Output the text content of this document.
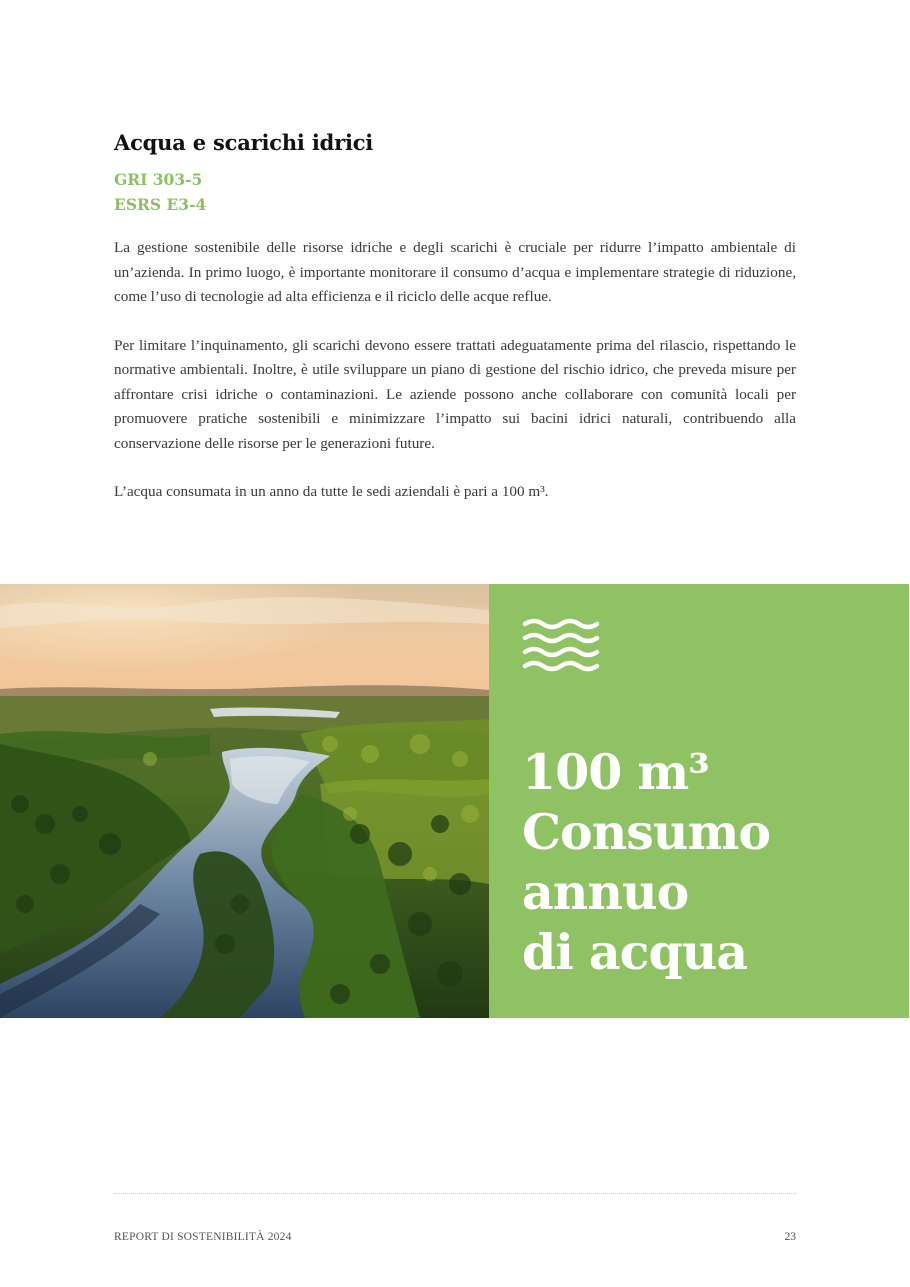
Acqua e scarichi idrici
GRI 303-5
ESRS E3-4

La gestione sostenibile delle risorse idriche e degli scarichi è cruciale per ridurre l’impatto ambientale di un’azienda. In primo luogo, è importante monitorare il consumo d’acqua e implementare strategie di riduzione, come l’uso di tecnologie ad alta efficienza e il riciclo delle acque reflue.

Per limitare l’inquinamento, gli scarichi devono essere trattati adeguatamente prima del rilascio, rispettando le normative ambientali. Inoltre, è utile sviluppare un piano di gestione del rischio idrico, che preveda misure per affrontare crisi idriche o contaminazioni. Le aziende possono anche collaborare con comunità locali per promuovere pratiche sostenibili e minimizzare l’impatto sui bacini idrici naturali, contribuendo alla conservazione delle risorse per le generazioni future.

L’acqua consumata in un anno da tutte le sedi aziendali è pari a 100 m³.

100 m³
Consumo
annuo
di acqua
REPORT DI SOSTENIBILITÀ 2024	23
